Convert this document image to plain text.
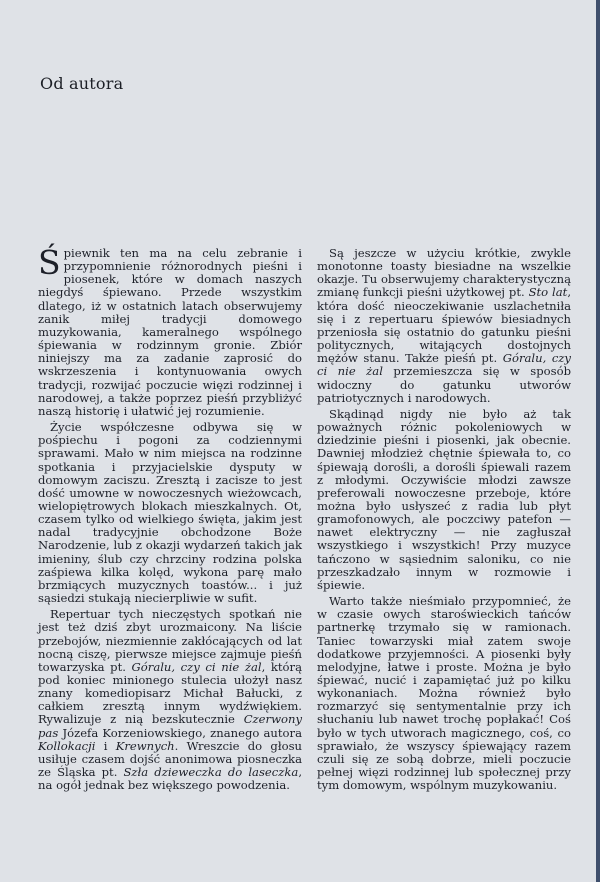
Od autora

Śpiewnik ten ma na celu zebranie i przypomnienie różnorodnych pieśni i piosenek, które w domach naszych niegdyś śpiewano. Przede wszystkim dlatego, iż w ostatnich latach obserwujemy zanik miłej tradycji domowego muzykowania, kameralnego wspólnego śpiewania w rodzinnym gronie. Zbiór niniejszy ma za zadanie zaprosić do wskrzeszenia i kontynuowania owych tradycji, rozwijać poczucie więzi rodzinnej i narodowej, a także poprzez pieśń przybliżyć naszą historię i ułatwić jej rozumienie.

Życie współczesne odbywa się w pośpiechu i pogoni za codziennymi sprawami. Mało w nim miejsca na rodzinne spotkania i przyjacielskie dysputy w domowym zaciszu. Zresztą i zacisze to jest dość umowne w nowoczesnych wieżowcach, wielopiętrowych blokach mieszkalnych. Ot, czasem tylko od wielkiego święta, jakim jest nadal tradycyjnie obchodzone Boże Narodzenie, lub z okazji wydarzeń takich jak imieniny, ślub czy chrzciny rodzina polska zaśpiewa kilka kolęd, wykona parę mało brzmiących muzycznych toastów... i już sąsiedzi stukają niecierpliwie w sufit.

Repertuar tych nieczęstych spotkań nie jest też dziś zbyt urozmaicony. Na liście przebojów, niezmiennie zakłócających od lat nocną ciszę, pierwsze miejsce zajmuje pieśń towarzyska pt. Góralu, czy ci nie żal, którą pod koniec minionego stulecia ułożył nasz znany komediopisarz Michał Bałucki, z całkiem zresztą innym wydźwiękiem. Rywalizuje z nią bezskutecznie Czerwony pas Józefa Korzeniowskiego, znanego autora Kollokacji i Krewnych. Wreszcie do głosu usiłuje czasem dojść anonimowa piosneczka ze Śląska pt. Szła dzieweczka do laseczka, na ogół jednak bez większego powodzenia.

Są jeszcze w użyciu krótkie, zwykle monotonne toasty biesiadne na wszelkie okazje. Tu obserwujemy charakterystyczną zmianę funkcji pieśni użytkowej pt. Sto lat, która dość nieoczekiwanie uszlachetniła się i z repertuaru śpiewów biesiadnych przeniosła się ostatnio do gatunku pieśni politycznych, witających dostojnych mężów stanu. Także pieśń pt. Góralu, czy ci nie żal przemieszcza się w sposób widoczny do gatunku utworów patriotycznych i narodowych.

Skądinąd nigdy nie było aż tak poważnych różnic pokoleniowych w dziedzinie pieśni i piosenki, jak obecnie. Dawniej młodzież chętnie śpiewała to, co śpiewają dorośli, a dorośli śpiewali razem z młodymi. Oczywiście młodzi zawsze preferowali nowoczesne przeboje, które można było usłyszeć z radia lub płyt gramofonowych, ale poczciwy patefon — nawet elektryczny — nie zagłuszał wszystkiego i wszystkich! Przy muzyce tańczono w sąsiednim saloniku, co nie przeszkadzało innym w rozmowie i śpiewie.

Warto także nieśmiało przypomnieć, że w czasie owych staroświeckich tańców partnerkę trzymało się w ramionach. Taniec towarzyski miał zatem swoje dodatkowe przyjemności. A piosenki były melodyjne, łatwe i proste. Można je było śpiewać, nucić i zapamiętać już po kilku wykonaniach. Można również było rozmarzyć się sentymentalnie przy ich słuchaniu lub nawet trochę popłakać! Coś było w tych utworach magicznego, coś, co sprawiało, że wszyscy śpiewający razem czuli się ze sobą dobrze, mieli poczucie pełnej więzi rodzinnej lub społecznej przy tym domowym, wspólnym muzykowaniu.
